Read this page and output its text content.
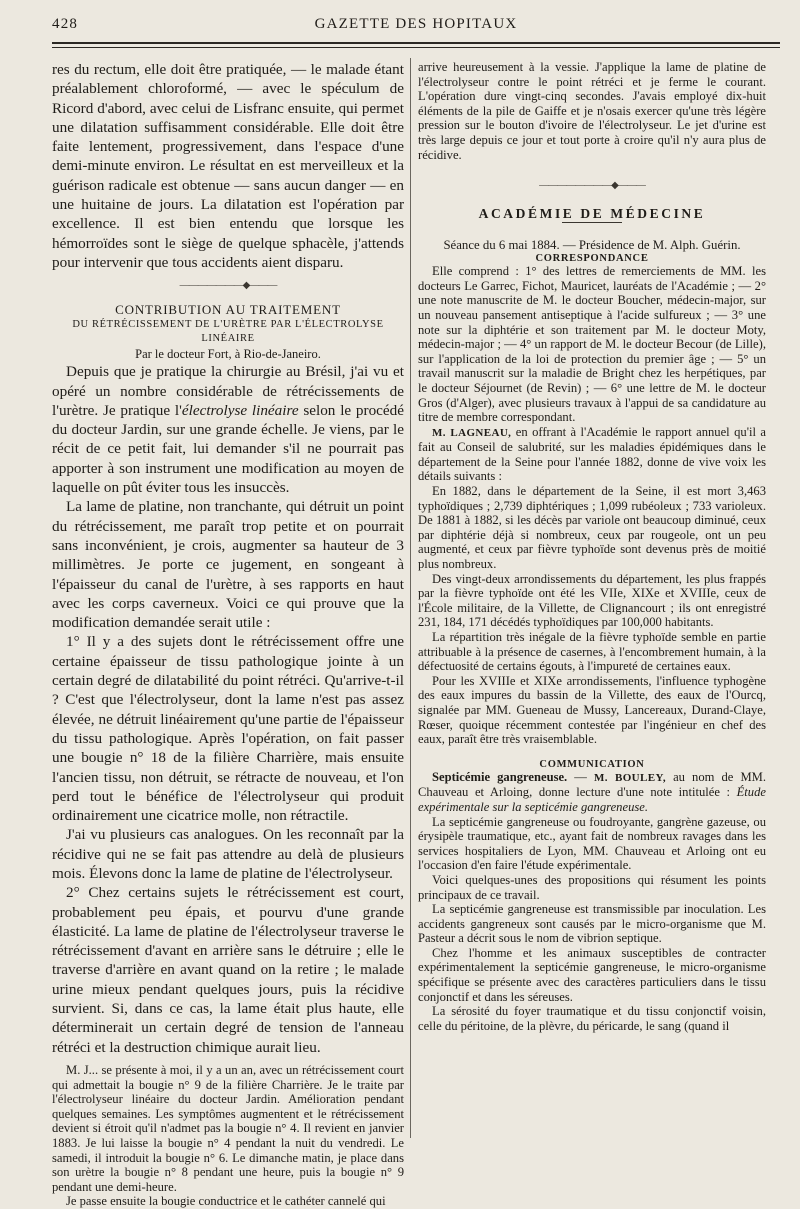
428	GAZETTE DES HOPITAUX

res du rectum, elle doit être pratiquée, — le malade étant préalablement chloroformé, — avec le spéculum de Ricord d'abord, avec celui de Lisfranc ensuite, qui permet une dilatation suffisamment considérable. Elle doit être faite lentement, progressivement, dans l'espace d'une demi-minute environ. Le résultat en est merveilleux et la guérison radicale est obtenue — sans aucun danger — en une huitaine de jours. La dilatation est l'opération par excellence. Il est bien entendu que lorsque les hémorroïdes sont le siège de quelque sphacèle, j'attends pour intervenir que tous accidents aient disparu.

———————◆———

CONTRIBUTION AU TRAITEMENT

DU RÉTRÉCISSEMENT DE L'URÈTRE PAR L'ÉLECTROLYSE LINÉAIRE

Par le docteur Fort, à Rio-de-Janeiro.

Depuis que je pratique la chirurgie au Brésil, j'ai vu et opéré un nombre considérable de rétrécissements de l'urètre. Je pratique l'électrolyse linéaire selon le procédé du docteur Jardin, sur une grande échelle. Je viens, par le récit de ce petit fait, lui demander s'il ne pourrait pas apporter à son instrument une modification au moyen de laquelle on pût éviter tous les insuccès.

La lame de platine, non tranchante, qui détruit un point du rétrécissement, me paraît trop petite et on pourrait sans inconvénient, je crois, augmenter sa hauteur de 3 millimètres. Je porte ce jugement, en songeant à l'épaisseur du canal de l'urètre, à ses rapports en haut avec les corps caverneux. Voici ce qui prouve que la modification demandée serait utile :

1° Il y a des sujets dont le rétrécissement offre une certaine épaisseur de tissu pathologique jointe à un certain degré de dilatabilité du point rétréci. Qu'arrive-t-il ? C'est que l'électrolyseur, dont la lame n'est pas assez élevée, ne détruit linéairement qu'une partie de l'épaisseur du tissu pathologique. Après l'opération, on fait passer une bougie n° 18 de la filière Charrière, mais ensuite l'ancien tissu, non détruit, se rétracte de nouveau, et l'on perd tout le bénéfice de l'électrolyseur qui produit ordinairement une cicatrice molle, non rétractile.

J'ai vu plusieurs cas analogues. On les reconnaît par la récidive qui ne se fait pas attendre au delà de plusieurs mois. Élevons donc la lame de platine de l'électrolyseur.

2° Chez certains sujets le rétrécissement est court, probablement peu épais, et pourvu d'une grande élasticité. La lame de platine de l'électrolyseur traverse le rétrécissement d'avant en arrière sans le détruire ; elle le traverse d'arrière en avant quand on la retire ; le malade urine mieux pendant quelques jours, puis la récidive survient. Si, dans ce cas, la lame était plus haute, elle déterminerait un certain degré de tension de l'anneau rétréci et la destruction chimique aurait lieu.

M. J... se présente à moi, il y a un an, avec un rétrécissement court qui admettait la bougie n° 9 de la filière Charrière. Je le traite par l'électrolyseur linéaire du docteur Jardin. Amélioration pendant quelques semaines. Les symptômes augmentent et le rétrécissement devient si étroit qu'il n'admet pas la bougie n° 4. Il revient en janvier 1883. Je lui laisse la bougie n° 4 pendant la nuit du vendredi. Le samedi, il introduit la bougie n° 6. Le dimanche matin, je place dans son urètre la bougie n° 8 pendant une heure, puis la bougie n° 9 pendant une demi-heure.

Je passe ensuite la bougie conductrice et le cathéter cannelé qui

arrive heureusement à la vessie. J'applique la lame de platine de l'électrolyseur contre le point rétréci et je ferme le courant. L'opération dure vingt-cinq secondes. J'avais employé dix-huit éléments de la pile de Gaiffe et je n'osais exercer qu'une très légère pression sur le bouton d'ivoire de l'électrolyseur. Le jet d'urine est très large depuis ce jour et tout porte à croire qu'il n'y aura plus de récidive.

————————◆———

ACADÉMIE DE MÉDECINE

Séance du 6 mai 1884. — Présidence de M. Alph. Guérin.

CORRESPONDANCE

Elle comprend : 1° des lettres de remerciements de MM. les docteurs Le Garrec, Fichot, Mauricet, lauréats de l'Académie ; — 2° une note manuscrite de M. le docteur Boucher, médecin-major, sur un nouveau pansement antiseptique à l'acide sulfureux ; — 3° une note sur la diphtérie et son traitement par M. le docteur Moty, médecin-major ; — 4° un rapport de M. le docteur Becour (de Lille), sur l'application de la loi de protection du premier âge ; — 5° un travail manuscrit sur la maladie de Bright chez les herpétiques, par le docteur Séjournet (de Revin) ; — 6° une lettre de M. le docteur Gros (d'Alger), avec plusieurs travaux à l'appui de sa candidature au titre de membre correspondant.

M. LAGNEAU, en offrant à l'Académie le rapport annuel qu'il a fait au Conseil de salubrité, sur les maladies épidémiques dans le département de la Seine pour l'année 1882, donne de vive voix les détails suivants :

En 1882, dans le département de la Seine, il est mort 3,463 typhoïdiques ; 2,739 diphtériques ; 1,099 rubéoleux ; 733 varioleux. De 1881 à 1882, si les décès par variole ont beaucoup diminué, ceux par diphtérie déjà si nombreux, ceux par rougeole, ont un peu augmenté, et ceux par fièvre typhoïde sont devenus près de moitié plus nombreux.

Des vingt-deux arrondissements du département, les plus frappés par la fièvre typhoïde ont été les VIIe, XIXe et XVIIIe, ceux de l'École militaire, de la Villette, de Clignancourt ; ils ont enregistré 231, 184, 171 décédés typhoïdiques par 100,000 habitants.

La répartition très inégale de la fièvre typhoïde semble en partie attribuable à la présence de casernes, à l'encombrement humain, à la défectuosité de certains égouts, à l'impureté de certaines eaux.

Pour les XVIIIe et XIXe arrondissements, l'influence typhogène des eaux impures du bassin de la Villette, des eaux de l'Ourcq, signalée par MM. Gueneau de Mussy, Lancereaux, Durand-Claye, Rœser, quoique récemment contestée par l'ingénieur en chef des eaux, paraît être très vraisemblable.

COMMUNICATION

Septicémie gangreneuse. — M. BOULEY, au nom de MM. Chauveau et Arloing, donne lecture d'une note intitulée : Étude expérimentale sur la septicémie gangreneuse.

La septicémie gangreneuse ou foudroyante, gangrène gazeuse, ou érysipèle traumatique, etc., ayant fait de nombreux ravages dans les services hospitaliers de Lyon, MM. Chauveau et Arloing ont eu l'occasion d'en faire l'étude expérimentale.

Voici quelques-unes des propositions qui résument les points principaux de ce travail.

La septicémie gangreneuse est transmissible par inoculation. Les accidents gangreneux sont causés par le micro-organisme que M. Pasteur a décrit sous le nom de vibrion septique.

Chez l'homme et les animaux susceptibles de contracter expérimentalement la septicémie gangreneuse, le micro-organisme spécifique se présente avec des caractères particuliers dans le tissu conjonctif et dans les séreuses.

La sérosité du foyer traumatique et du tissu conjonctif voisin, celle du péritoine, de la plèvre, du péricarde, le sang (quand il
